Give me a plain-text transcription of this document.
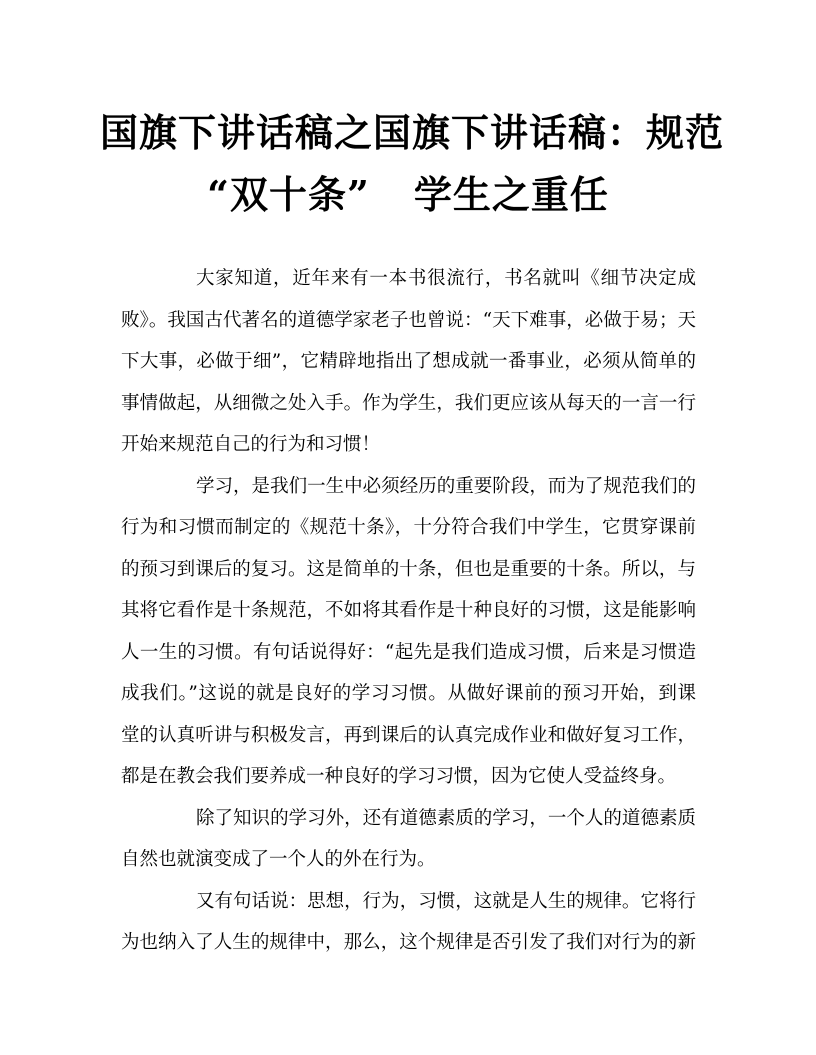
国旗下讲话稿之国旗下讲话稿：规范
“双十条” 学生之重任
大家知道，近年来有一本书很流行，书名就叫《细节决定成
败》。我国古代著名的道德学家老子也曾说：“天下难事，必做于易；天
下大事，必做于细”，它精辟地指出了想成就一番事业，必须从简单的
事情做起，从细微之处入手。作为学生，我们更应该从每天的一言一行
开始来规范自己的行为和习惯！
学习，是我们一生中必须经历的重要阶段，而为了规范我们的
行为和习惯而制定的《规范十条》，十分符合我们中学生，它贯穿课前
的预习到课后的复习。这是简单的十条，但也是重要的十条。所以，与
其将它看作是十条规范，不如将其看作是十种良好的习惯，这是能影响
人一生的习惯。有句话说得好：“起先是我们造成习惯，后来是习惯造
成我们。”这说的就是良好的学习习惯。从做好课前的预习开始，到课
堂的认真听讲与积极发言，再到课后的认真完成作业和做好复习工作，
都是在教会我们要养成一种良好的学习习惯，因为它使人受益终身。
除了知识的学习外，还有道德素质的学习，一个人的道德素质
自然也就演变成了一个人的外在行为。
又有句话说：思想，行为，习惯，这就是人生的规律。它将行
为也纳入了人生的规律中，那么，这个规律是否引发了我们对行为的新
